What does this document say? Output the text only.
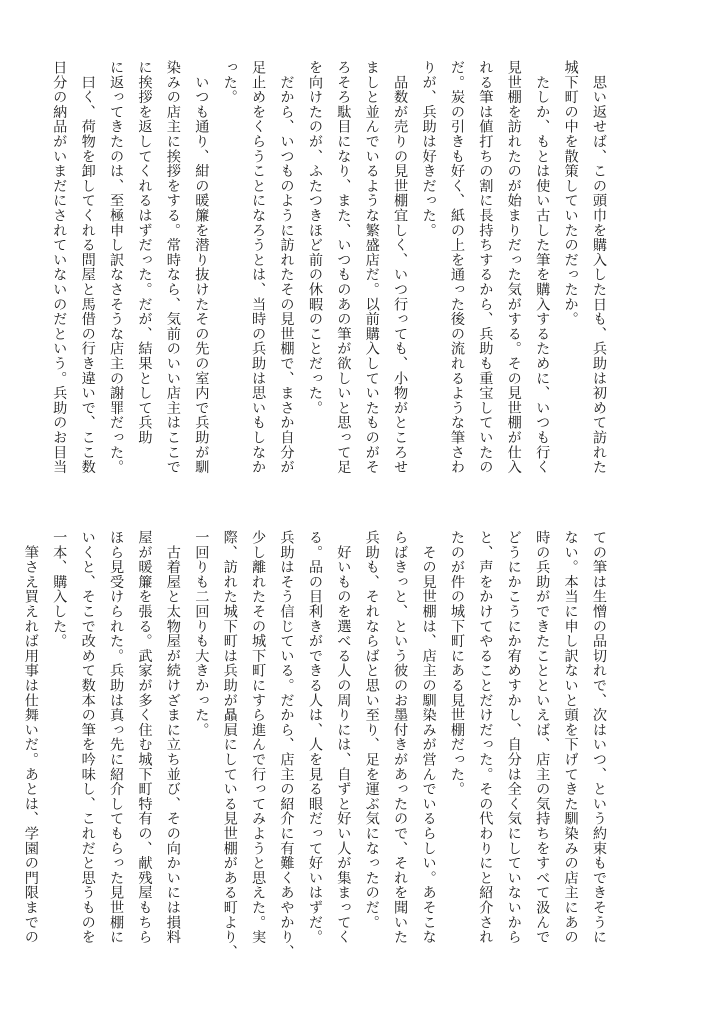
　思い返せば、この頭巾を購入した日も、兵助は初めて訪れた
城下町の中を散策していたのだったか。
　たしか、もとは使い古した筆を購入するために、いつも行く
見世棚を訪れたのが始まりだった気がする。その見世棚が仕入
れる筆は値打ちの割に長持ちするから、兵助も重宝していたの
だ。炭の引きも好く、紙の上を通った後の流れるような筆さわ
りが、兵助は好きだった。
　品数が売りの見世棚宜しく、いつ行っても、小物がところせ
ましと並んでいるような繁盛店だ。以前購入していたものがそ
ろそろ駄目になり、また、いつものあの筆が欲しいと思って足
を向けたのが、ふたつきほど前の休暇のことだった。
　だから、いつものように訪れたその見世棚で、まさか自分が
足止めをくらうことになろうとは、当時の兵助は思いもしなか
った。
　いつも通り、紺の暖簾を潜り抜けたその先の室内で兵助が馴
染みの店主に挨拶をする。常時なら、気前のいい店主はここで
に挨拶を返してくれるはずだった。だが、結果として兵助
に返ってきたのは、至極申し訳なさそうな店主の謝罪だった。
　曰く、荷物を卸してくれる問屋と馬借の行き違いで、ここ数
日分の納品がいまだにされていないのだという。兵助のお目当
ての筆は生憎の品切れで、次はいつ、という約束もできそうに
ない。本当に申し訳ないと頭を下げてきた馴染みの店主にあの
時の兵助ができたことといえば、店主の気持ちをすべて汲んで
どうにかこうにか宥めすかし、自分は全く気にしていないから
と、声をかけてやることだけだった。その代わりにと紹介され
たのが件の城下町にある見世棚だった。
　その見世棚は、店主の馴染みが営んでいるらしい。あそこな
らばきっと、という彼のお墨付きがあったので、それを聞いた
兵助も、それならばと思い至り、足を運ぶ気になったのだ。
　好いものを選べる人の周りには、自ずと好い人が集まってく
る。品の目利きができる人は、人を見る眼だって好いはずだ。
兵助はそう信じている。だから、店主の紹介に有難くあやかり、
少し離れたその城下町にすら進んで行ってみようと思えた。実
際、訪れた城下町は兵助が贔屓にしている見世棚がある町より、
一回りも二回りも大きかった。
　古着屋と太物屋が続けざまに立ち並び、その向かいには損料
屋が暖簾を張る。武家が多く住む城下町特有の、献残屋もちら
ほら見受けられた。兵助は真っ先に紹介してもらった見世棚に
いくと、そこで改めて数本の筆を吟味し、これだと思うものを
一本、購入した。
　筆さえ買えれば用事は仕舞いだ。あとは、学園の門限までの
